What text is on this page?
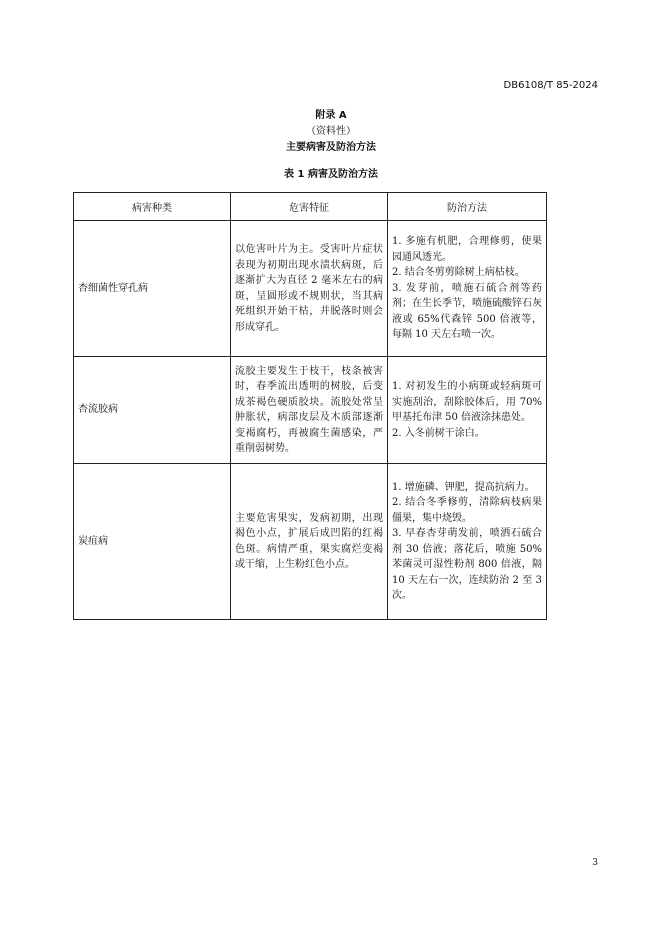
DB6108/T 85-2024
附录 A
（资料性）
主要病害及防治方法
表 1 病害及防治方法
病害种类	危害特征	防治方法
杏细菌性穿孔病	以危害叶片为主。受害叶片症状表现为初期出现水渍状病斑，后逐渐扩大为直径 2 毫米左右的病斑，呈圆形或不规则状，当其病死组织开始干枯，并脱落时则会形成穿孔。	1. 多施有机肥，合理修剪，使果园通风透光。
2. 结合冬剪剪除树上病枯枝。
3. 发芽前，喷施石硫合剂等药剂；在生长季节，喷施硫酸锌石灰液或 65%代森锌 500 倍液等，每隔 10 天左右喷一次。
杏流胶病	流胶主要发生于枝干，枝条被害时，春季流出透明的树胶，后变成茶褐色硬质胶块。流胶处常呈肿胀状，病部皮层及木质部逐渐变褐腐朽，再被腐生菌感染，严重削弱树势。	1. 对初发生的小病斑或轻病斑可实施刮治，刮除胶体后，用 70%甲基托布津 50 倍液涂抹患处。
2. 入冬前树干涂白。
炭疽病	主要危害果实，发病初期，出现褐色小点，扩展后成凹陷的红褐色斑。病情严重，果实腐烂变褐或干缩，上生粉红色小点。	1. 增施磷、钾肥，提高抗病力。
2. 结合冬季修剪，清除病枝病果僵果，集中烧毁。
3. 早春杏芽萌发前，喷洒石硫合剂 30 倍液；落花后，喷施 50%苯菌灵可湿性粉剂 800 倍液，隔 10 天左右一次，连续防治 2 至 3 次。
3
